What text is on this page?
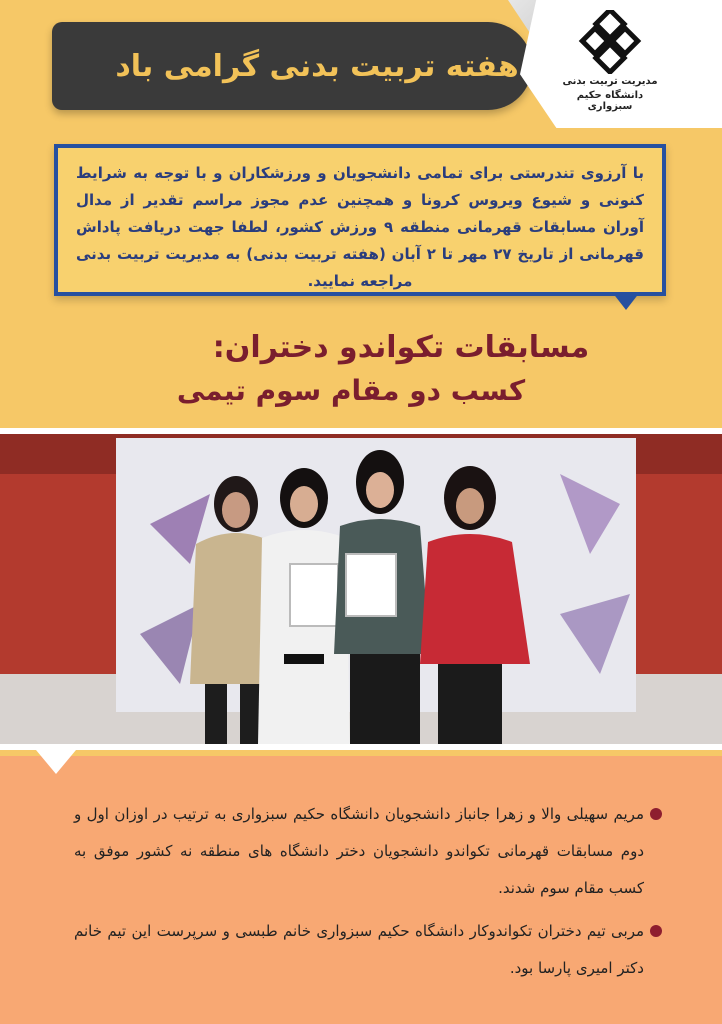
هفته تربیت بدنی گرامی باد	مدیریت تربیت بدنی
دانشگاه حکیم سبزواری
با آرزوی تندرستی برای تمامی دانشجویان و ورزشکاران و با توجه به شرایط کنونی و شیوع ویروس کرونا و همچنین عدم مجوز مراسم تقدیر از مدال آوران مسابقات قهرمانی منطقه ۹ ورزش کشور، لطفا جهت دریافت پاداش قهرمانی از تاریخ ۲۷ مهر تا ۲ آبان (هفته تربیت بدنی) به مدیریت تربیت بدنی مراجعه نمایید.
مسابقات تکواندو دختران:
کسب دو مقام سوم تیمی

مریم سهیلی والا و زهرا جانباز دانشجویان دانشگاه حکیم سبزواری به ترتیب در اوزان اول و دوم مسابقات قهرمانی تکواندو دانشجویان دختر دانشگاه های منطقه نه کشور موفق به کسب مقام سوم شدند.

مربی تیم دختران تکواندوکار دانشگاه حکیم سبزواری خانم طبسی و سرپرست این تیم خانم دکتر امیری پارسا بود.
